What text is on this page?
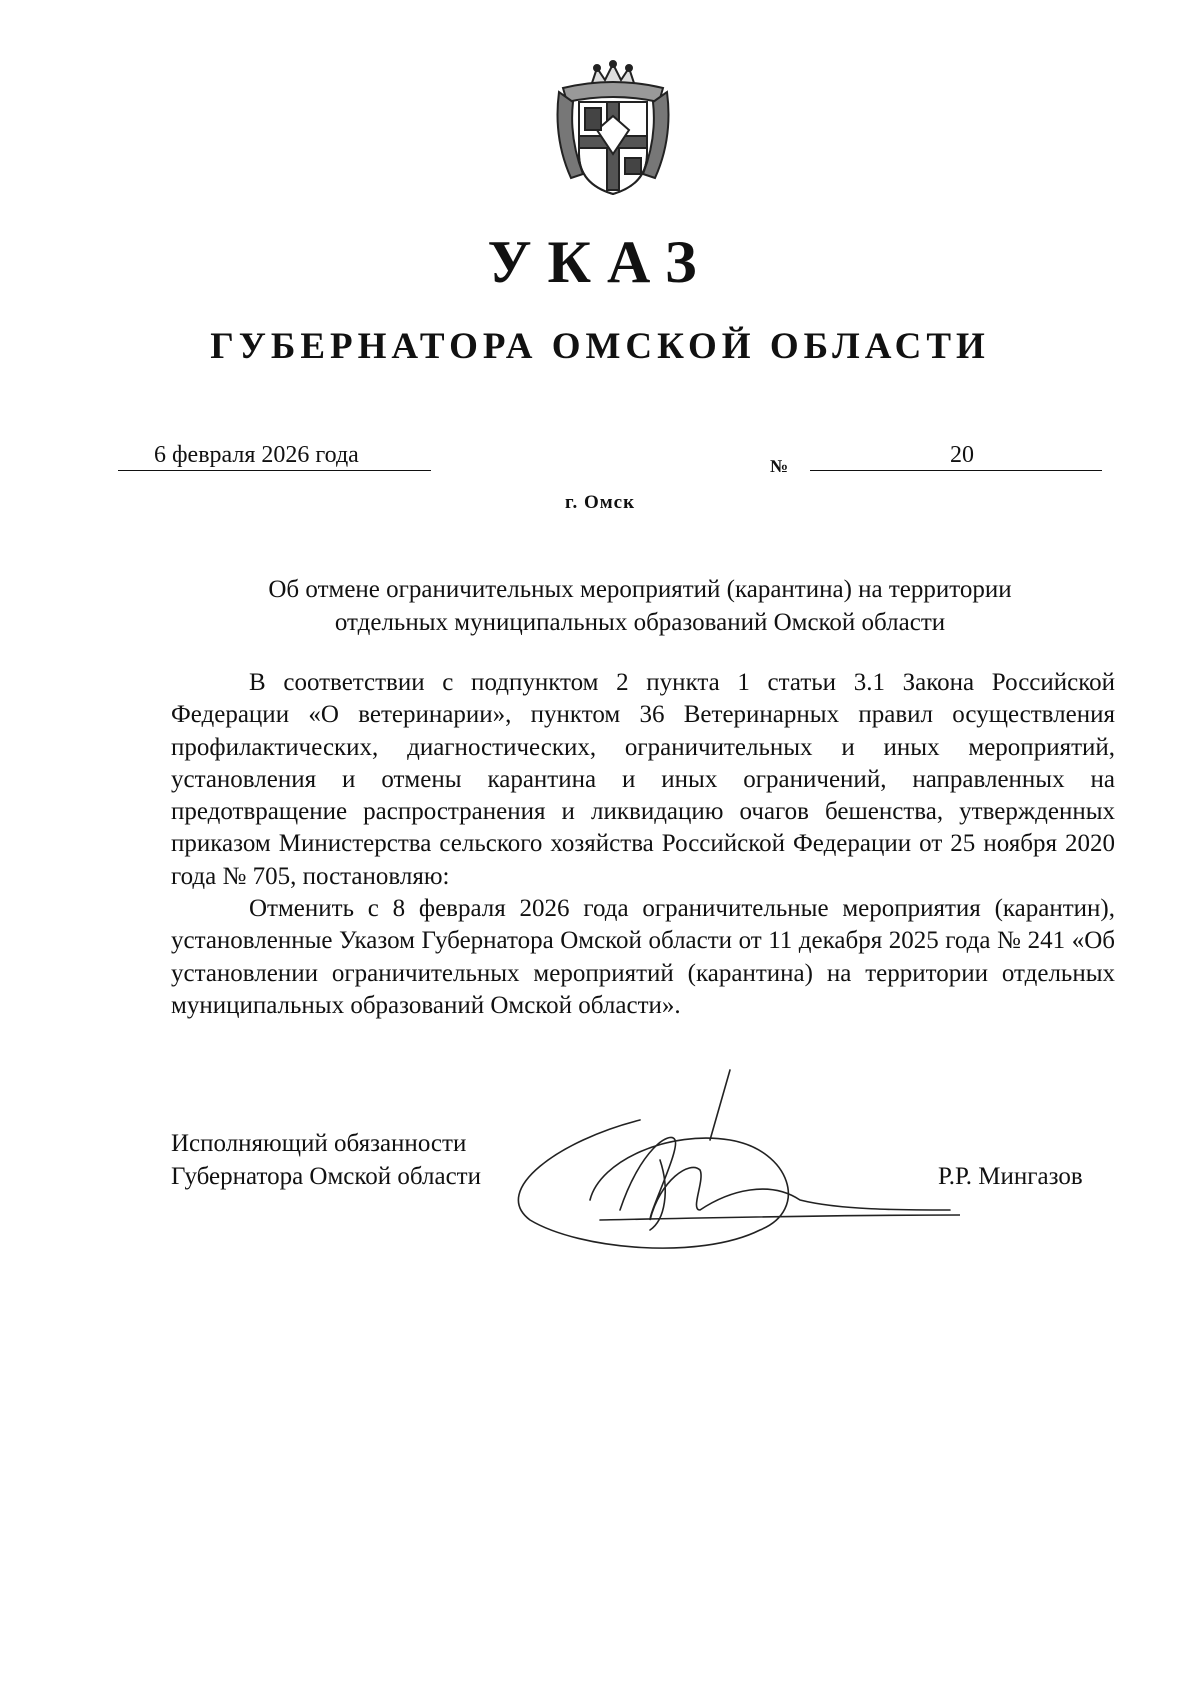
УКАЗ
ГУБЕРНАТОРА ОМСКОЙ ОБЛАСТИ
6 февраля 2026 года	№	20
г. Омск
Об отмене ограничительных мероприятий (карантина) на территории
отдельных муниципальных образований Омской области

В соответствии с подпунктом 2 пункта 1 статьи 3.1 Закона Российской Федерации «О ветеринарии», пунктом 36 Ветеринарных правил осуществления профилактических, диагностических, ограничительных и иных мероприятий, установления и отмены карантина и иных ограничений, направленных на предотвращение распространения и ликвидацию очагов бешенства, утвержденных приказом Министерства сельского хозяйства Российской Федерации от 25 ноября 2020 года № 705, постановляю:

Отменить с 8 февраля 2026 года ограничительные мероприятия (карантин), установленные Указом Губернатора Омской области от 11 декабря 2025 года № 241 «Об установлении ограничительных мероприятий (карантина) на территории отдельных муниципальных образований Омской области».

Исполняющий обязанности
Губернатора Омской области	Р.Р. Мингазов
